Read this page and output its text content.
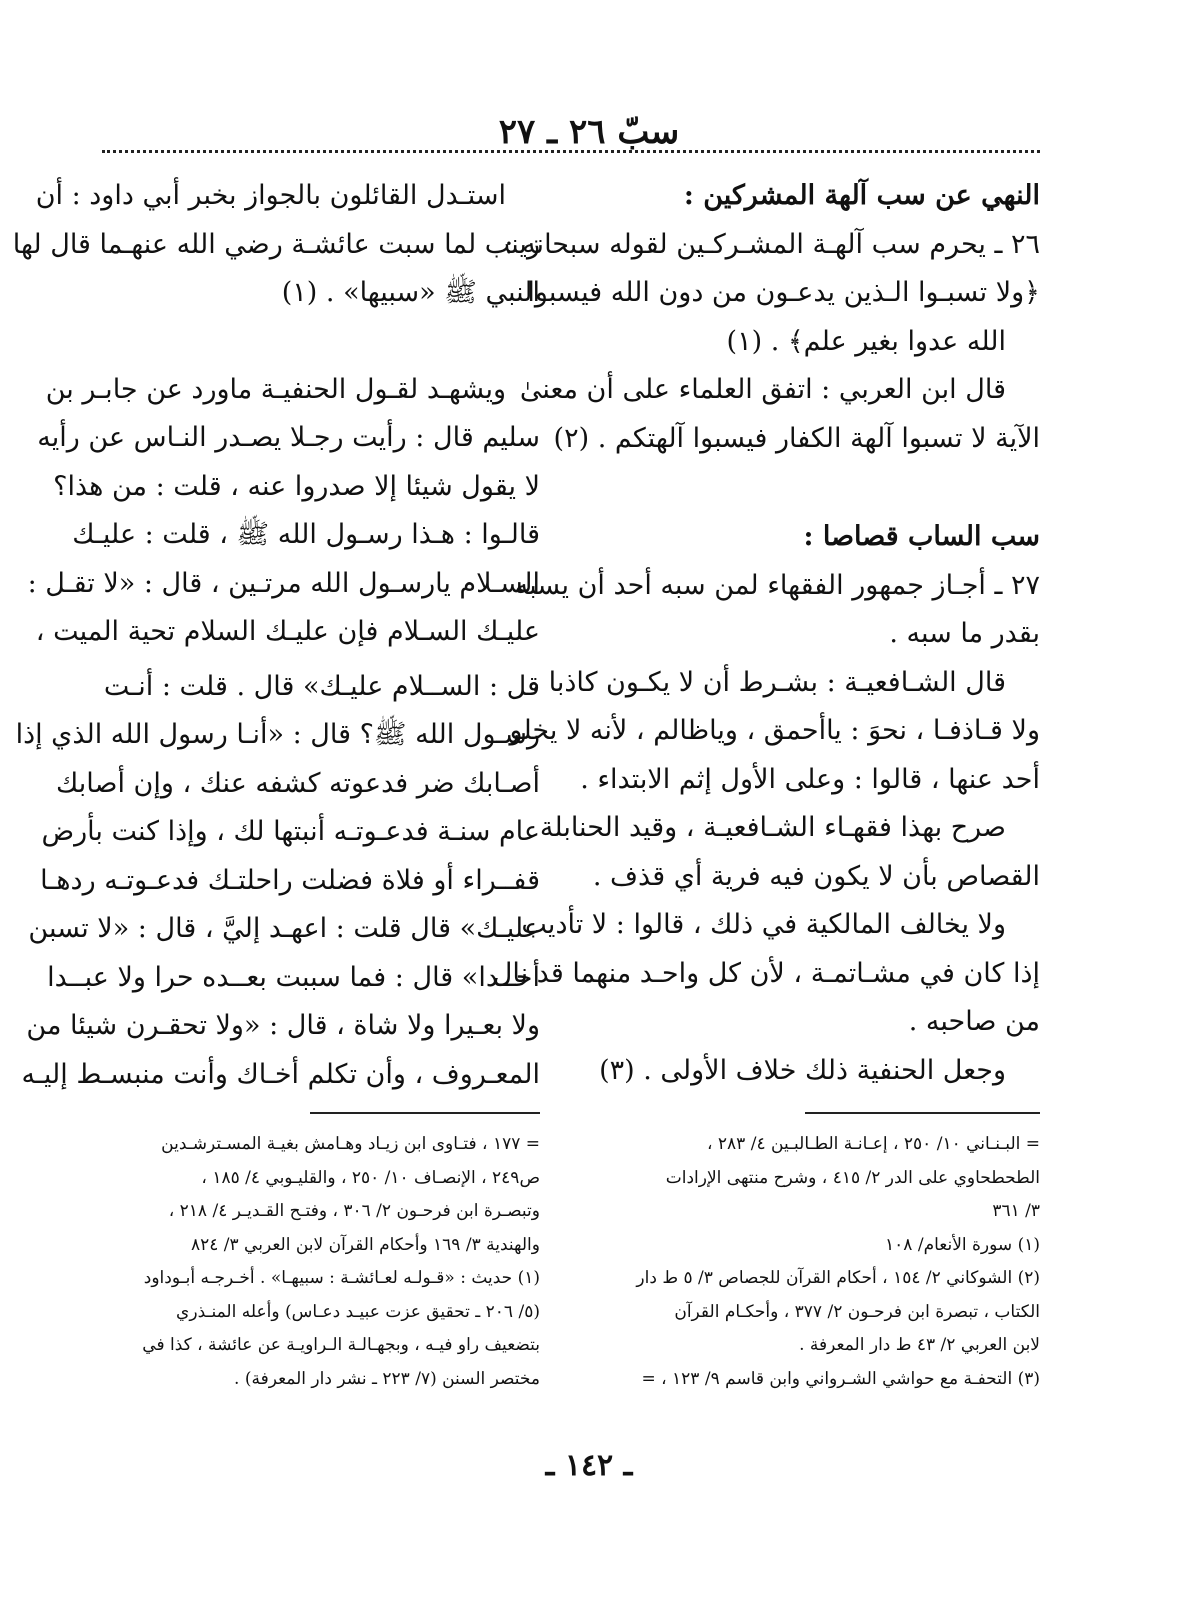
سبّ ٢٦ ـ ٢٧
النهي عن سب آلهة المشركين :
٢٦ ـ يحرم سب آلهـة المشـركـين لقوله سبحانه :
﴿ولا تسبـوا الـذين يدعـون من دون الله فيسبوا
الله عدوا بغير علم﴾ . (١)
قال ابن العربي : اتفق العلماء على أن معنىٰ
الآية لا تسبوا آلهة الكفار فيسبوا آلهتكم . (٢)
سب الساب قصاصا :
٢٧ ـ أجـاز جمهور الفقهاء لمن سبه أحد أن يسبه
بقدر ما سبه .
قال الشـافعيـة : بشـرط أن لا يكـون كاذبا ،
ولا قـاذفـا ، نحوَ : ياأحمق ، وياظالم ، لأنه لا يخلو
أحد عنها ، قالوا : وعلى الأول إثم الابتداء .
صرح بهذا فقهـاء الشـافعيـة ، وقيد الحنابلة
القصاص بأن لا يكون فيه فرية أي قذف .
ولا يخالف المالكية في ذلك ، قالوا : لا تأديب
إذا كان في مشـاتمـة ، لأن كل واحـد منهما قد نال
من صاحبه .
وجعل الحنفية ذلك خلاف الأولى . (٣)
استـدل القائلون بالجواز بخبر أبي داود : أن
زينب لما سبت عائشـة رضي الله عنهـما قال لها
النبي ﷺ «سبيها» . (١)
ويشهـد لقـول الحنفيـة ماورد عن جابـر بن
سليم قال : رأيت رجـلا يصـدر النـاس عن رأيه
لا يقول شيئا إلا صدروا عنه ، قلت : من هذا؟
قالـوا : هـذا رسـول الله ﷺ ، قلت : عليـك
السـلام يارسـول الله مرتـين ، قال : «لا تقـل :
عليـك السـلام فإن عليـك السلام تحية الميت ،
قل : الســلام عليـك» قال . قلت : أنـت
رسـول الله ﷺ؟ قال : «أنـا رسول الله الذي إذا
أصـابك ضر فدعوته كشفه عنك ، وإن أصابك
عام سنـة فدعـوتـه أنبتها لك ، وإذا كنت بأرض
قفــراء أو فلاة فضلت راحلتـك فدعـوتـه ردهـا
عليـك» قال قلت : اعهـد إليَّ ، قال : «لا تسبن
أحــدا» قال : فما سببت بعــده حرا ولا عبــدا
ولا بعـيرا ولا شاة ، قال : «ولا تحقـرن شيئا من
المعـروف ، وأن تكلم أخـاك وأنت منبسـط إليـه
= البـنـاني ١٠/ ٢٥٠ ، إعـانـة الطـالبـين ٤/ ٢٨٣ ،
الطحطحاوي على الدر ٢/ ٤١٥ ، وشرح منتهى الإرادات
٣/ ٣٦١
(١) سورة الأنعام/ ١٠٨
(٢) الشوكاني ٢/ ١٥٤ ، أحكام القرآن للجصاص ٣/ ٥ ط دار
الكتاب ، تبصرة ابن فرحـون ٢/ ٣٧٧ ، وأحكـام القرآن
لابن العربي ٢/ ٤٣ ط دار المعرفة .
(٣) التحفـة مع حواشي الشـرواني وابن قاسم ٩/ ١٢٣ ، =
= ١٧٧ ، فتـاوى ابن زيـاد وهـامش بغيـة المسـترشـدين
ص٢٤٩ ، الإنصـاف ١٠/ ٢٥٠ ، والقليـوبي ٤/ ١٨٥ ،
وتبصـرة ابن فرحـون ٢/ ٣٠٦ ، وفتـح القـديـر ٤/ ٢١٨ ،
والهندية ٣/ ١٦٩ وأحكام القرآن لابن العربي ٣/ ٨٢٤
(١) حديث : «قـولـه لعـائشـة : سبيهـا» . أخـرجـه أبـوداود
(٥/ ٢٠٦ ـ تحقيق عزت عبيـد دعـاس) وأعله المنـذري
بتضعيف راو فيـه ، وبجهـالـة الـراويـة عن عائشة ، كذا في
مختصر السنن (٧/ ٢٢٣ ـ نشر دار المعرفة) .
ـ ١٤٢ ـ
